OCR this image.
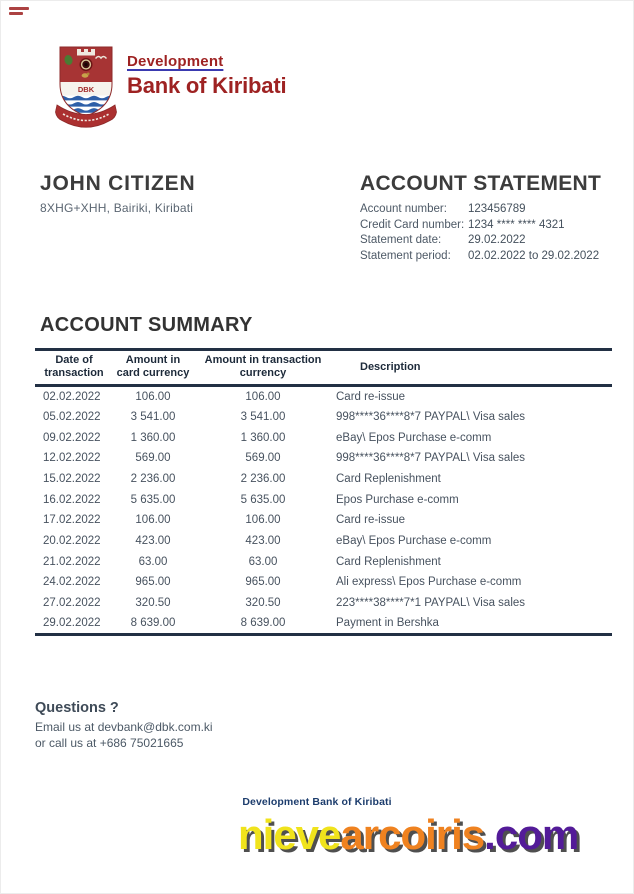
DBK
Development
Bank of Kiribati
JOHN CITIZEN
8XHG+XHH, Bairiki, Kiribati
ACCOUNT STATEMENT
Account number:	123456789
Credit Card number: 1234 **** **** 4321
Statement date:	29.02.2022
Statement period:	02.02.2022 to 29.02.2022
ACCOUNT SUMMARY
Date of transaction	Amount in card currency	Amount in transaction currency	Description
02.02.2022	106.00	106.00	Card re-issue
05.02.2022	3 541.00	3 541.00	998****36****8*7 PAYPAL\ Visa sales
09.02.2022	1 360.00	1 360.00	eBay\ Epos Purchase e-comm
12.02.2022	569.00	569.00	998****36****8*7 PAYPAL\ Visa sales
15.02.2022	2 236.00	2 236.00	Card Replenishment
16.02.2022	5 635.00	5 635.00	Epos Purchase e-comm
17.02.2022	106.00	106.00	Card re-issue
20.02.2022	423.00	423.00	eBay\ Epos Purchase e-comm
21.02.2022	63.00	63.00	Card Replenishment
24.02.2022	965.00	965.00	Ali express\ Epos Purchase e-comm
27.02.2022	320.50	320.50	223****38****7*1 PAYPAL\ Visa sales
29.02.2022	8 639.00	8 639.00	Payment in Bershka
Questions ?
Email us at devbank@dbk.com.ki
or call us at +686 75021665
Development Bank of Kiribati
nievearcoiris.com
